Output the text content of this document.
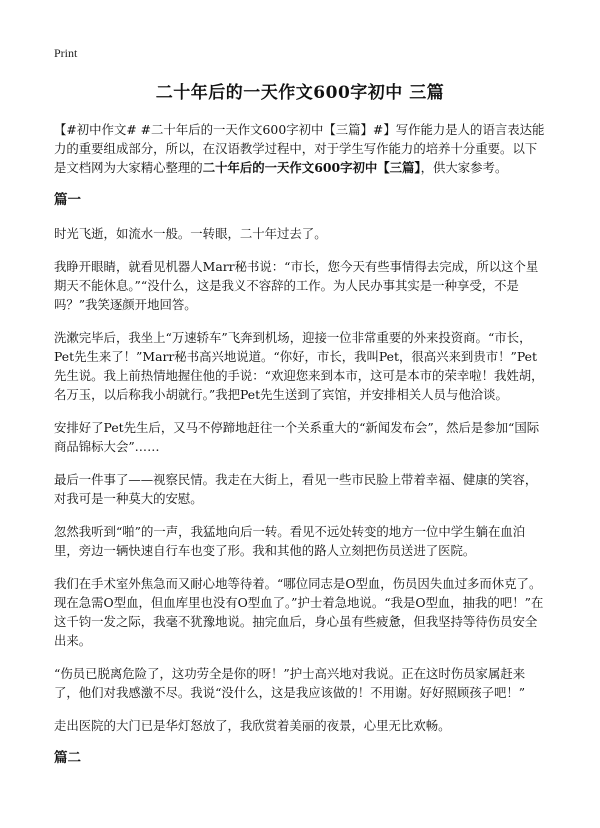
Print
二十年后的一天作文600字初中 三篇

【#初中作文# #二十年后的一天作文600字初中【三篇】#】写作能力是人的语言表达能力的重要组成部分，所以，在汉语教学过程中，对于学生写作能力的培养十分重要。以下是文档网为大家精心整理的二十年后的一天作文600字初中【三篇】，供大家参考。

篇一

时光飞逝，如流水一般。一转眼，二十年过去了。

我睁开眼睛，就看见机器人Marr秘书说：“市长，您今天有些事情得去完成，所以这个星期天不能休息。”“没什么，这是我义不容辞的工作。为人民办事其实是一种享受，不是吗？”我笑逐颜开地回答。

洗漱完毕后，我坐上“万速轿车”飞奔到机场，迎接一位非常重要的外来投资商。“市长，Pet先生来了！”Marr秘书高兴地说道。“你好，市长，我叫Pet，很高兴来到贵市！”Pet先生说。我上前热情地握住他的手说：“欢迎您来到本市，这可是本市的荣幸啦！我姓胡，名万玉，以后称我小胡就行。”我把Pet先生送到了宾馆，并安排相关人员与他洽谈。

安排好了Pet先生后，又马不停蹄地赶往一个关系重大的“新闻发布会”，然后是参加“国际商品锦标大会”……

最后一件事了——视察民情。我走在大街上，看见一些市民脸上带着幸福、健康的笑容，对我可是一种莫大的安慰。

忽然我听到“啪”的一声，我猛地向后一转。看见不远处转变的地方一位中学生躺在血泊里，旁边一辆快速自行车也变了形。我和其他的路人立刻把伤员送进了医院。

我们在手术室外焦急而又耐心地等待着。“哪位同志是O型血，伤员因失血过多而休克了。现在急需O型血，但血库里也没有O型血了。”护士着急地说。“我是O型血，抽我的吧！”在这千钧一发之际，我毫不犹豫地说。抽完血后，身心虽有些疲惫，但我坚持等待伤员安全出来。

“伤员已脱离危险了，这功劳全是你的呀！”护士高兴地对我说。正在这时伤员家属赶来了，他们对我感激不尽。我说“没什么，这是我应该做的！不用谢。好好照顾孩子吧！”

走出医院的大门已是华灯怒放了，我欣赏着美丽的夜景，心里无比欢畅。

篇二
